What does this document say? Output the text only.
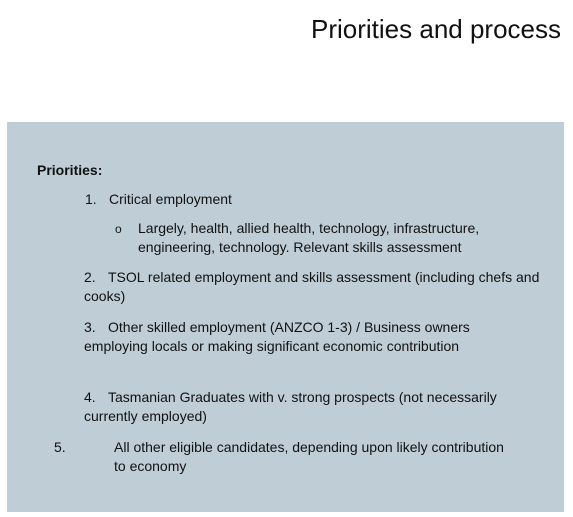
Priorities and process

Priorities:

1. Critical employment
o Largely, health, allied health, technology, infrastructure, engineering, technology. Relevant skills assessment
2. TSOL related employment and skills assessment (including chefs and cooks)
3. Other skilled employment (ANZCO 1-3) / Business owners employing locals or making significant economic contribution
4. Tasmanian Graduates with v. strong prospects (not necessarily currently employed)
5.	All other eligible candidates, depending upon likely contribution to economy
